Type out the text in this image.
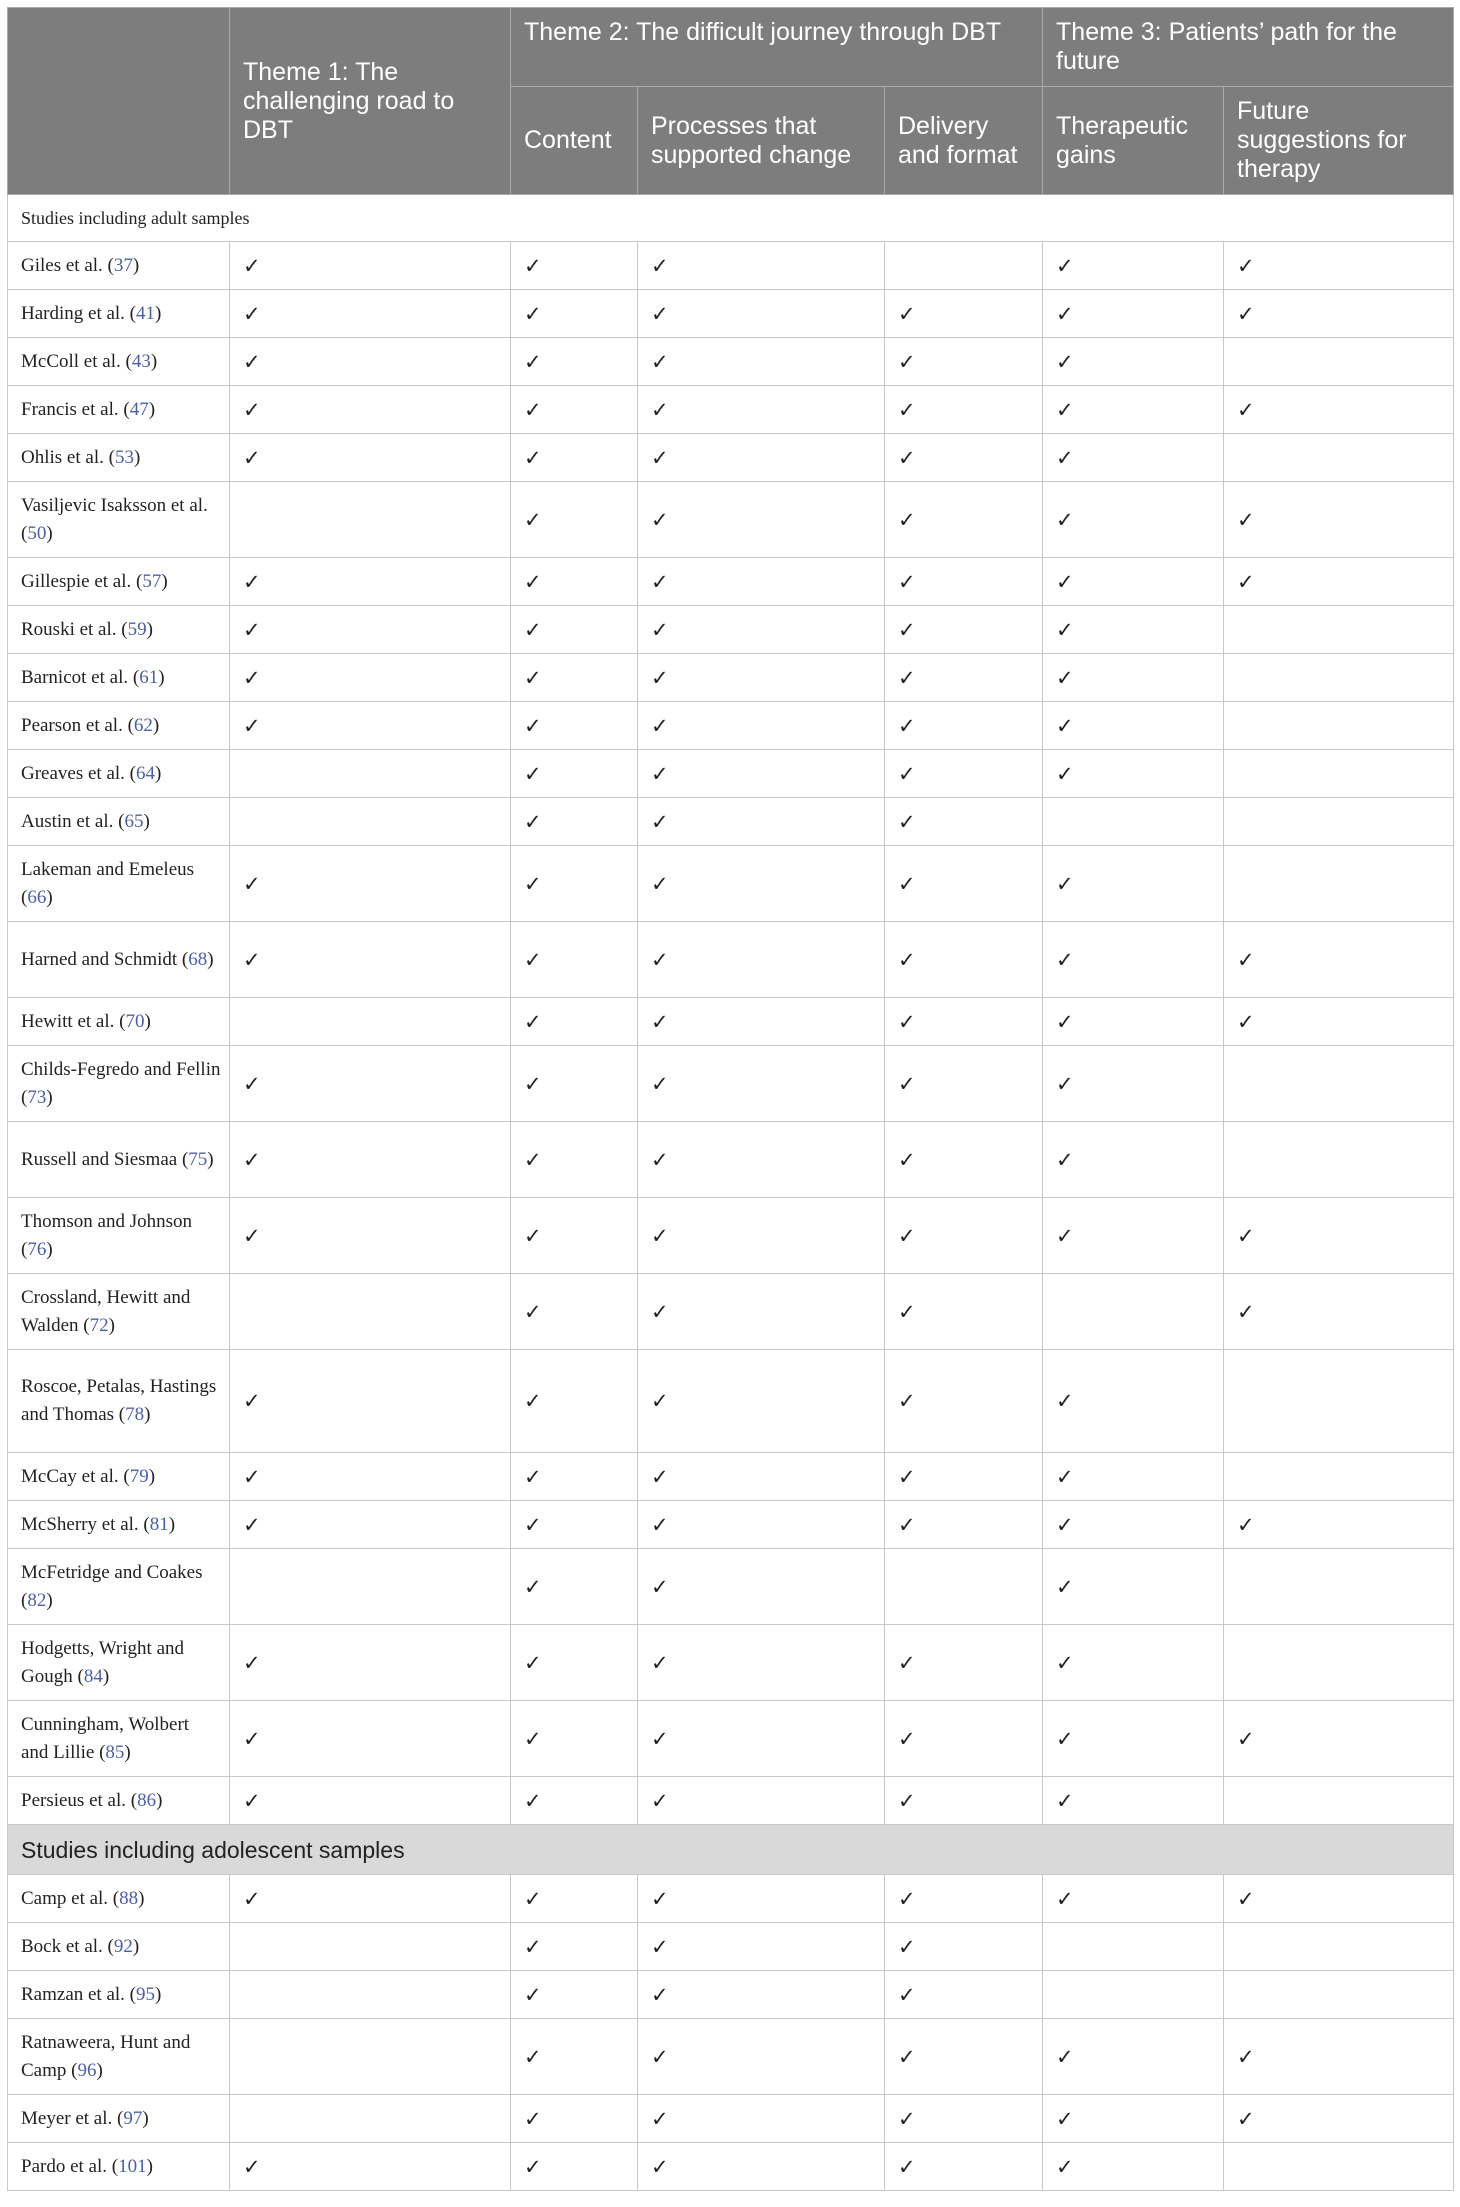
	Theme 1: The challenging road to DBT	Theme 2: The difficult journey through DBT			Theme 3: Patients’ path for the future	
		Content	Processes that supported change	Delivery and format	Therapeutic gains	Future suggestions for therapy
Studies including adult samples						
Giles et al. (37)	✓	✓	✓		✓	✓
Harding et al. (41)	✓	✓	✓	✓	✓	✓
McColl et al. (43)	✓	✓	✓	✓	✓	
Francis et al. (47)	✓	✓	✓	✓	✓	✓
Ohlis et al. (53)	✓	✓	✓	✓	✓	
Vasiljevic Isaksson et al. (50)		✓	✓	✓	✓	✓
Gillespie et al. (57)	✓	✓	✓	✓	✓	✓
Rouski et al. (59)	✓	✓	✓	✓	✓	
Barnicot et al. (61)	✓	✓	✓	✓	✓	
Pearson et al. (62)	✓	✓	✓	✓	✓	
Greaves et al. (64)		✓	✓	✓	✓	
Austin et al. (65)		✓	✓	✓		
Lakeman and Emeleus (66)	✓	✓	✓	✓	✓	
Harned and Schmidt (68)	✓	✓	✓	✓	✓	✓
Hewitt et al. (70)		✓	✓	✓	✓	✓
Childs-Fegredo and Fellin (73)	✓	✓	✓	✓	✓	
Russell and Siesmaa (75)	✓	✓	✓	✓	✓	
Thomson and Johnson (76)	✓	✓	✓	✓	✓	✓
Crossland, Hewitt and Walden (72)		✓	✓	✓		✓
Roscoe, Petalas, Hastings and Thomas (78)	✓	✓	✓	✓	✓	
McCay et al. (79)	✓	✓	✓	✓	✓	
McSherry et al. (81)	✓	✓	✓	✓	✓	✓
McFetridge and Coakes (82)		✓	✓		✓	
Hodgetts, Wright and Gough (84)	✓	✓	✓	✓	✓	
Cunningham, Wolbert and Lillie (85)	✓	✓	✓	✓	✓	✓
Persieus et al. (86)	✓	✓	✓	✓	✓	
Studies including adolescent samples						
Camp et al. (88)	✓	✓	✓	✓	✓	✓
Bock et al. (92)		✓	✓	✓		
Ramzan et al. (95)		✓	✓	✓		
Ratnaweera, Hunt and Camp (96)		✓	✓	✓	✓	✓
Meyer et al. (97)		✓	✓	✓	✓	✓
Pardo et al. (101)	✓	✓	✓	✓	✓	
